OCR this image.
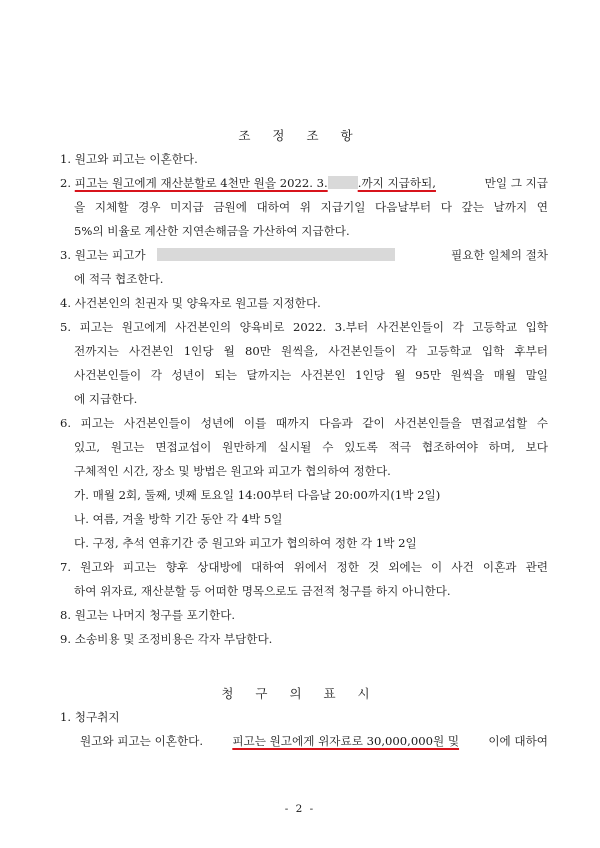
조 정 조 항
1. 원고와 피고는 이혼한다.
2. 피고는 원고에게 재산분할로 4천만 원을 2022. 3.	.까지 지급하되,	만일 그 지급
을 지체할 경우 미지급 금원에 대하여 위 지급기일 다음날부터 다 갚는 날까지 연
5%의 비율로 계산한 지연손해금을 가산하여 지급한다.
3. 원고는 피고가	필요한 일체의 절차
에 적극 협조한다.
4. 사건본인의 친권자 및 양육자로 원고를 지정한다.
5. 피고는 원고에게 사건본인의 양육비로 2022. 3.부터 사건본인들이 각 고등학교 입학
전까지는 사건본인 1인당 월 80만 원씩을, 사건본인들이 각 고등학교 입학 후부터
사건본인들이 각 성년이 되는 달까지는 사건본인 1인당 월 95만 원씩을 매월 말일
에 지급한다.
6. 피고는 사건본인들이 성년에 이를 때까지 다음과 같이 사건본인들을 면접교섭할 수
있고, 원고는 면접교섭이 원만하게 실시될 수 있도록 적극 협조하여야 하며, 보다
구체적인 시간, 장소 및 방법은 원고와 피고가 협의하여 정한다.
가. 매월 2회, 둘째, 넷째 토요일 14:00부터 다음날 20:00까지(1박 2일)
나. 여름, 겨울 방학 기간 동안 각 4박 5일
다. 구정, 추석 연휴기간 중 원고와 피고가 협의하여 정한 각 1박 2일
7. 원고와 피고는 향후 상대방에 대하여 위에서 정한 것 외에는 이 사건 이혼과 관련
하여 위자료, 재산분할 등 어떠한 명목으로도 금전적 청구를 하지 아니한다.
8. 원고는 나머지 청구를 포기한다.
9. 소송비용 및 조정비용은 각자 부담한다.
청 구 의 표 시
1. 청구취지
원고와 피고는 이혼한다.	피고는 원고에게 위자료로 30,000,000원 및	이에 대하여
- 2 -
